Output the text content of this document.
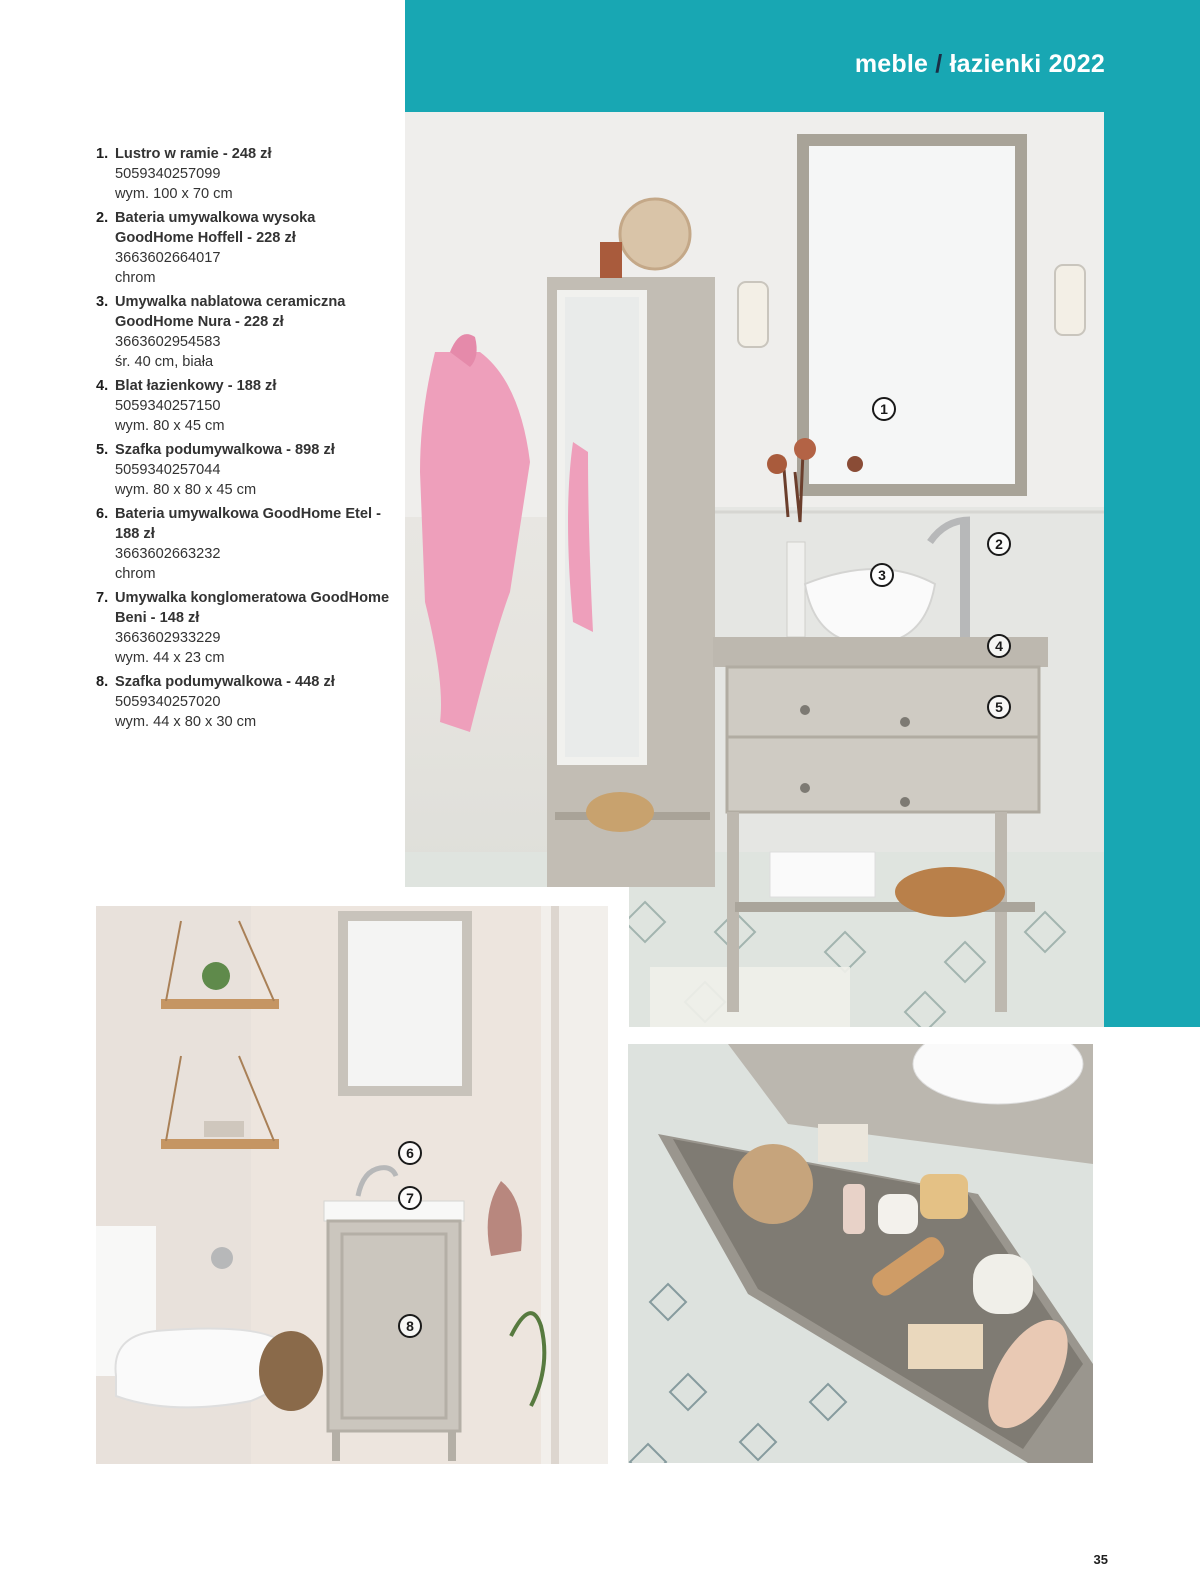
meble / łazienki 2022
1. Lustro w ramie - 248 zł
5059340257099
wym. 100 x 70 cm
2. Bateria umywalkowa wysoka GoodHome Hoffell - 228 zł
3663602664017
chrom
3. Umywalka nablatowa ceramiczna GoodHome Nura - 228 zł
3663602954583
śr. 40 cm, biała
4. Blat łazienkowy - 188 zł
5059340257150
wym. 80 x 45 cm
5. Szafka podumywalkowa - 898 zł
5059340257044
wym. 80 x 80 x 45 cm
6. Bateria umywalkowa GoodHome Etel - 188 zł
3663602663232
chrom
7. Umywalka konglomeratowa GoodHome Beni - 148 zł
3663602933229
wym. 44 x 23 cm
8. Szafka podumywalkowa - 448 zł
5059340257020
wym. 44 x 80 x 30 cm
1
2
3
4
5
6
7
8
35
